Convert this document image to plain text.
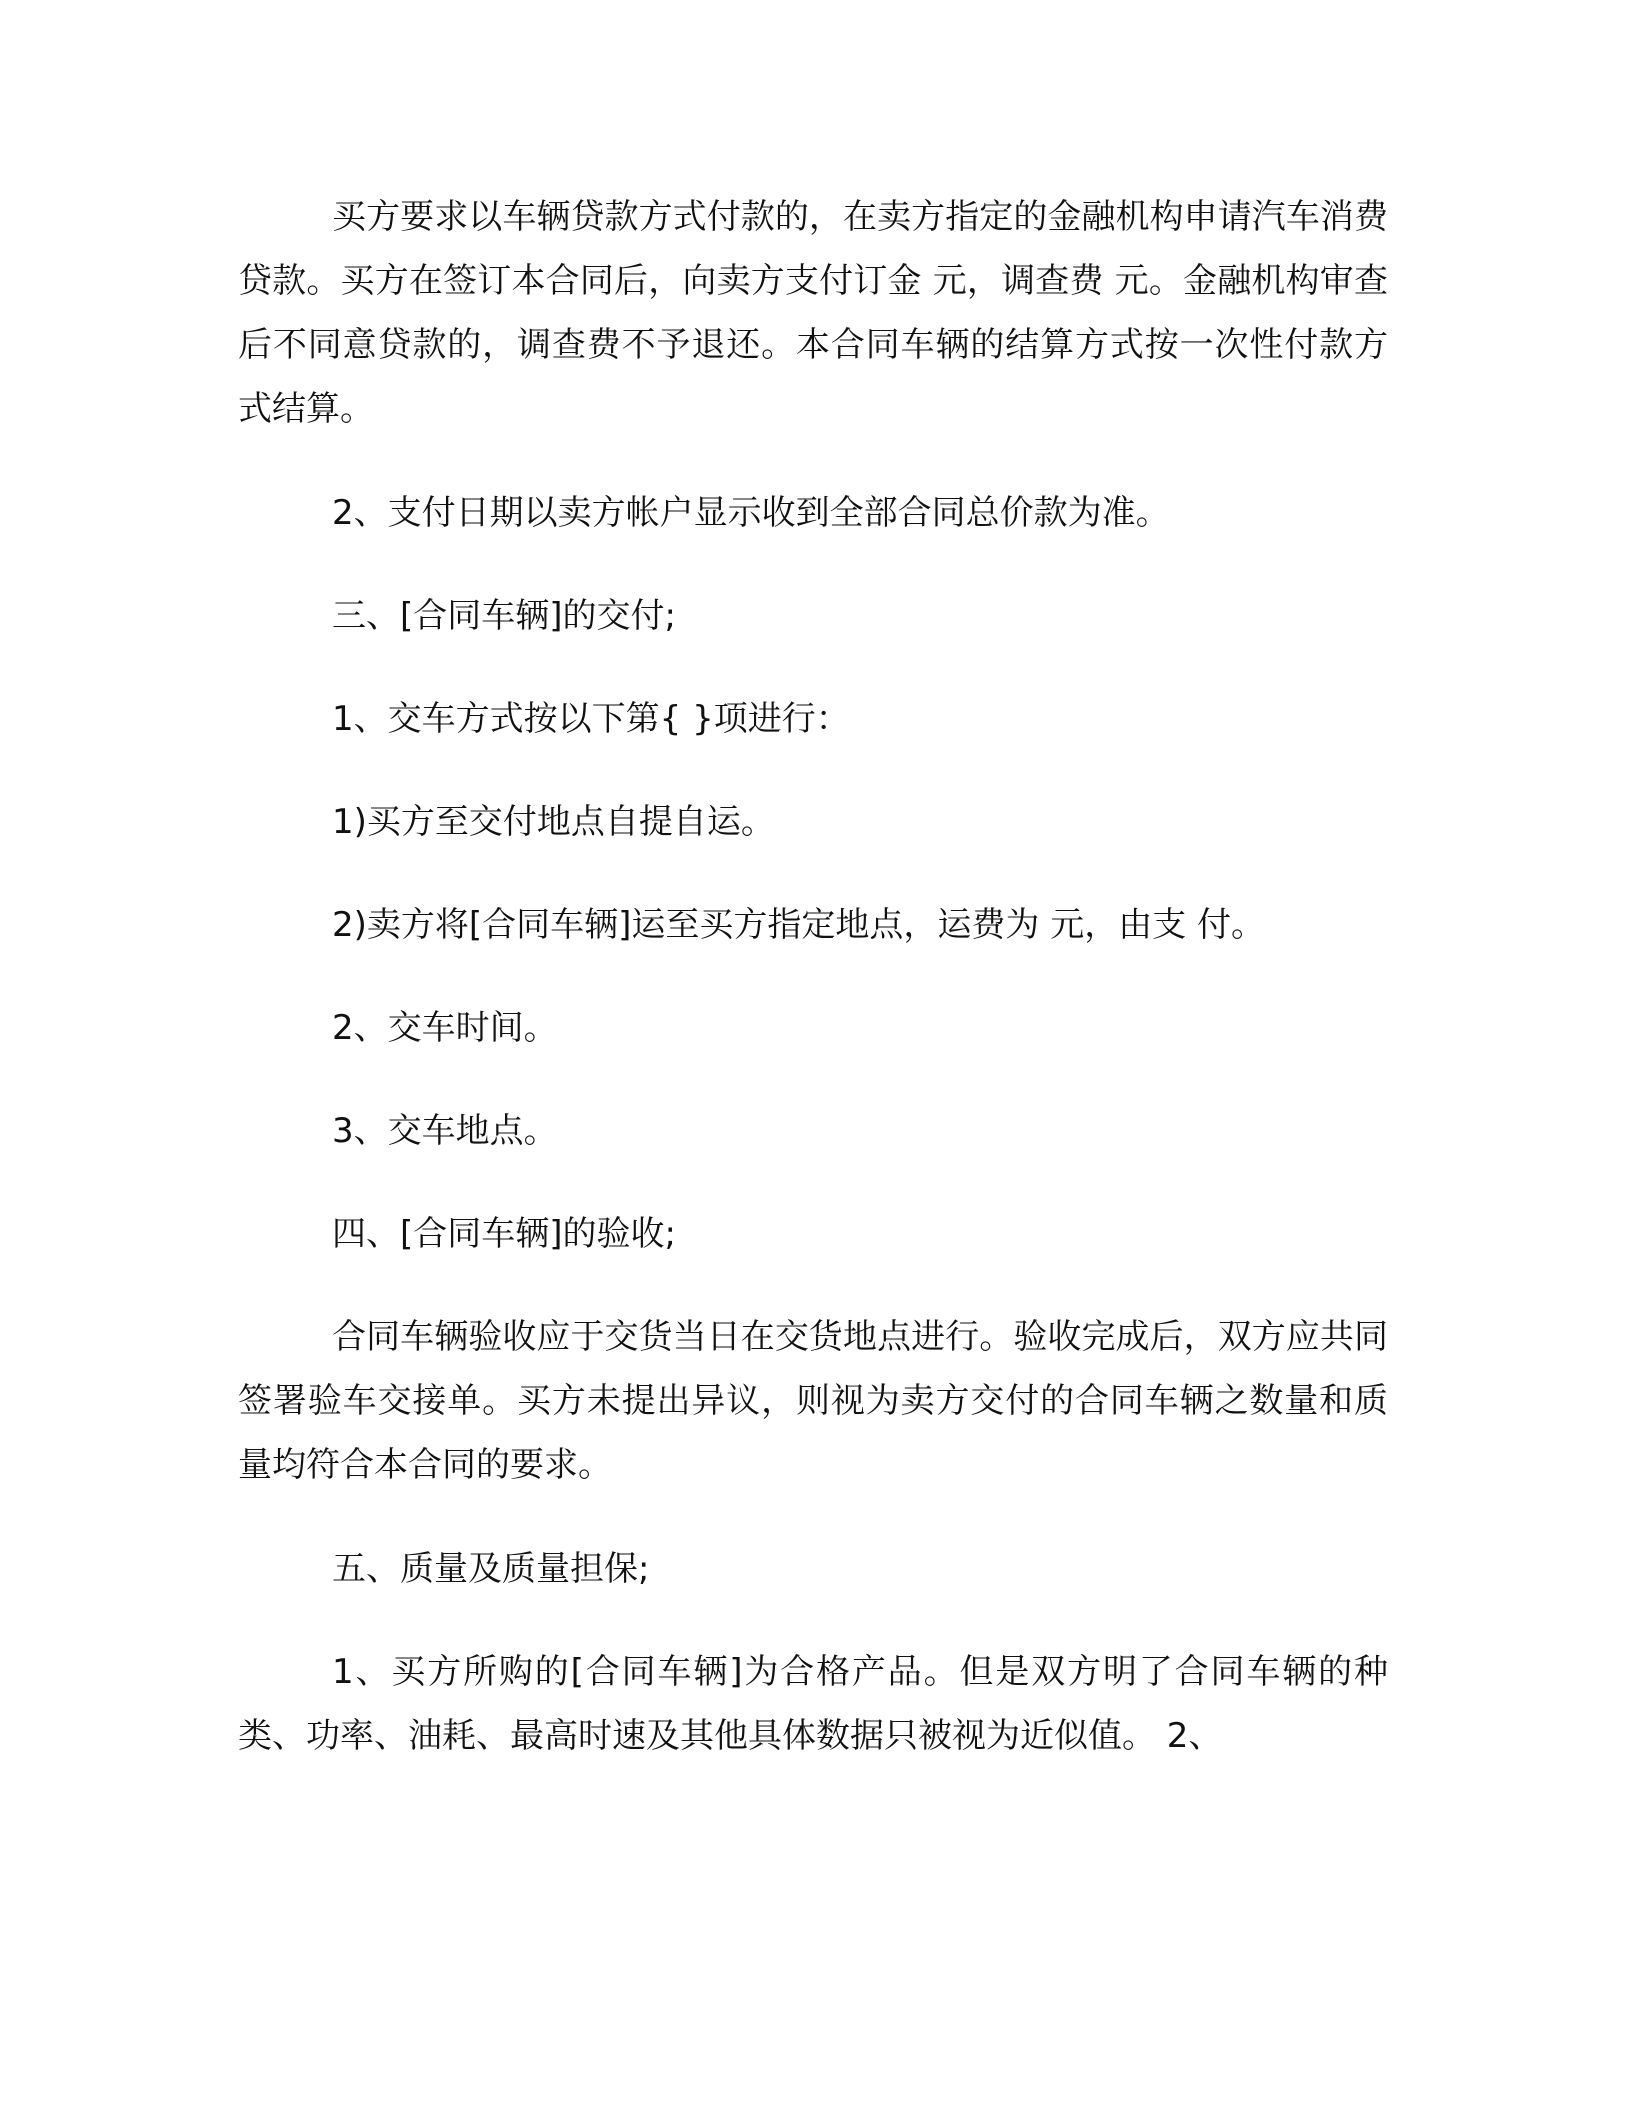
买方要求以车辆贷款方式付款的，在卖方指定的金融机构申请汽车消费贷款。买方在签订本合同后，向卖方支付订金 元，调查费 元。金融机构审查后不同意贷款的，调查费不予退还。本合同车辆的结算方式按一次性付款方式结算。

2、支付日期以卖方帐户显示收到全部合同总价款为准。

三、[合同车辆]的交付;

1、交车方式按以下第{ }项进行：

1)买方至交付地点自提自运。

2)卖方将[合同车辆]运至买方指定地点，运费为 元，由支 付。

2、交车时间。

3、交车地点。

四、[合同车辆]的验收;

合同车辆验收应于交货当日在交货地点进行。验收完成后，双方应共同签署验车交接单。买方未提出异议，则视为卖方交付的合同车辆之数量和质量均符合本合同的要求。

五、质量及质量担保;

1、买方所购的[合同车辆]为合格产品。但是双方明了合同车辆的种类、功率、油耗、最高时速及其他具体数据只被视为近似值。 2、
